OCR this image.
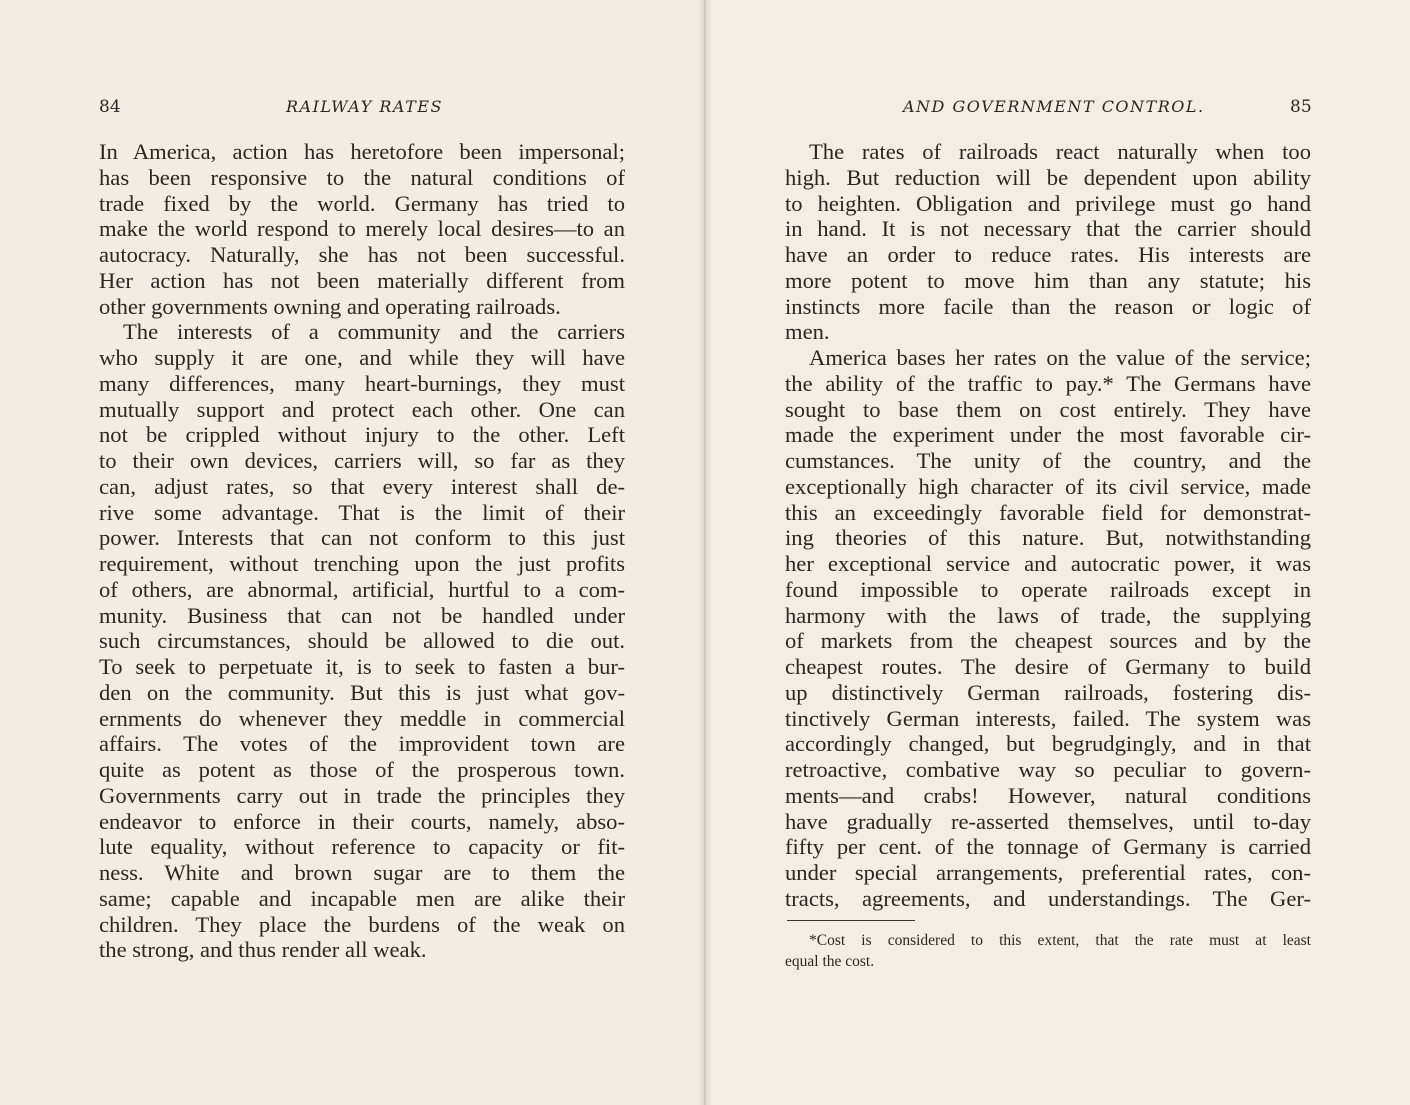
84	RAILWAY RATES

In America, action has heretofore been impersonal;
has been responsive to the natural conditions of
trade fixed by the world. Germany has tried to
make the world respond to merely local desires—to an
autocracy. Naturally, she has not been successful.
Her action has not been materially different from
other governments owning and operating railroads.

The interests of a community and the carriers
who supply it are one, and while they will have
many differences, many heart-burnings, they must
mutually support and protect each other. One can
not be crippled without injury to the other. Left
to their own devices, carriers will, so far as they
can, adjust rates, so that every interest shall de-
rive some advantage. That is the limit of their
power. Interests that can not conform to this just
requirement, without trenching upon the just profits
of others, are abnormal, artificial, hurtful to a com-
munity. Business that can not be handled under
such circumstances, should be allowed to die out.
To seek to perpetuate it, is to seek to fasten a bur-
den on the community. But this is just what gov-
ernments do whenever they meddle in commercial
affairs. The votes of the improvident town are
quite as potent as those of the prosperous town.
Governments carry out in trade the principles they
endeavor to enforce in their courts, namely, abso-
lute equality, without reference to capacity or fit-
ness. White and brown sugar are to them the
same; capable and incapable men are alike their
children. They place the burdens of the weak on
the strong, and thus render all weak.

AND GOVERNMENT CONTROL.	85

The rates of railroads react naturally when too
high. But reduction will be dependent upon ability
to heighten. Obligation and privilege must go hand
in hand. It is not necessary that the carrier should
have an order to reduce rates. His interests are
more potent to move him than any statute; his
instincts more facile than the reason or logic of
men.

America bases her rates on the value of the service;
the ability of the traffic to pay.* The Germans have
sought to base them on cost entirely. They have
made the experiment under the most favorable cir-
cumstances. The unity of the country, and the
exceptionally high character of its civil service, made
this an exceedingly favorable field for demonstrat-
ing theories of this nature. But, notwithstanding
her exceptional service and autocratic power, it was
found impossible to operate railroads except in
harmony with the laws of trade, the supplying
of markets from the cheapest sources and by the
cheapest routes. The desire of Germany to build
up distinctively German railroads, fostering dis-
tinctively German interests, failed. The system was
accordingly changed, but begrudgingly, and in that
retroactive, combative way so peculiar to govern-
ments—and crabs! However, natural conditions
have gradually re-asserted themselves, until to-day
fifty per cent. of the tonnage of Germany is carried
under special arrangements, preferential rates, con-
tracts, agreements, and understandings. The Ger-

*Cost is considered to this extent, that the rate must at least
equal the cost.
